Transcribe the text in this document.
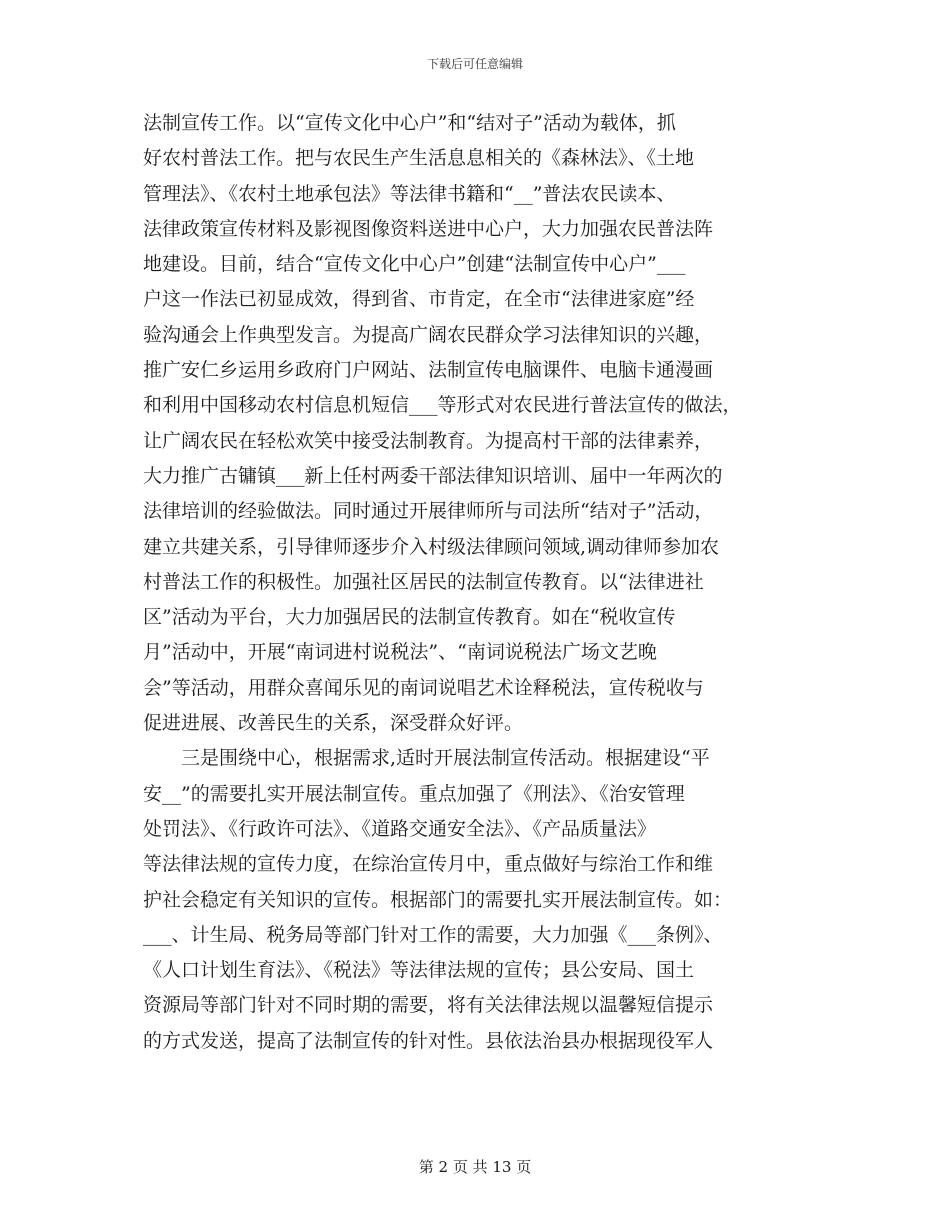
下载后可任意编辑
法制宣传工作。以“宣传文化中心户”和“结对子”活动为载体，抓
好农村普法工作。把与农民生产生活息息相关的《森林法》、《土地
管理法》、《农村土地承包法》等法律书籍和“__”普法农民读本、
法律政策宣传材料及影视图像资料送进中心户，大力加强农民普法阵
地建设。目前，结合“宣传文化中心户”创建“法制宣传中心户”___
户这一作法已初显成效，得到省、市肯定，在全市“法律进家庭”经
验沟通会上作典型发言。为提高广阔农民群众学习法律知识的兴趣，
推广安仁乡运用乡政府门户网站、法制宣传电脑课件、电脑卡通漫画
和利用中国移动农村信息机短信___等形式对农民进行普法宣传的做法，
让广阔农民在轻松欢笑中接受法制教育。为提高村干部的法律素养，
大力推广古镛镇___新上任村两委干部法律知识培训、届中一年两次的
法律培训的经验做法。同时通过开展律师所与司法所“结对子”活动，
建立共建关系，引导律师逐步介入村级法律顾问领域,调动律师参加农
村普法工作的积极性。加强社区居民的法制宣传教育。以“法律进社
区”活动为平台，大力加强居民的法制宣传教育。如在“税收宣传
月”活动中，开展“南词进村说税法”、“南词说税法广场文艺晚
会”等活动，用群众喜闻乐见的南词说唱艺术诠释税法，宣传税收与
促进进展、改善民生的关系，深受群众好评。
　　三是围绕中心，根据需求,适时开展法制宣传活动。根据建设“平
安__”的需要扎实开展法制宣传。重点加强了《刑法》、《治安管理
处罚法》、《行政许可法》、《道路交通安全法》、《产品质量法》
等法律法规的宣传力度，在综治宣传月中，重点做好与综治工作和维
护社会稳定有关知识的宣传。根据部门的需要扎实开展法制宣传。如：
___、计生局、税务局等部门针对工作的需要，大力加强《___条例》、
《人口计划生育法》、《税法》等法律法规的宣传；县公安局、国土
资源局等部门针对不同时期的需要，将有关法律法规以温馨短信提示
的方式发送，提高了法制宣传的针对性。县依法治县办根据现役军人
第 2 页 共 13 页
